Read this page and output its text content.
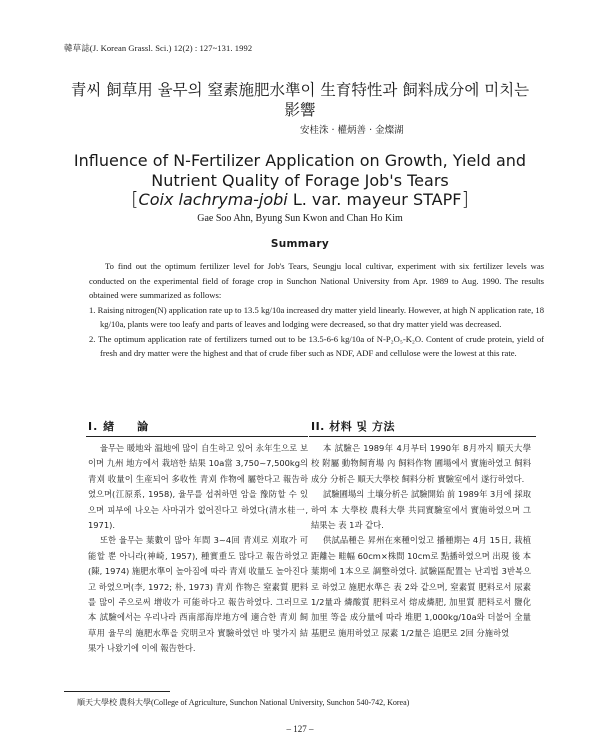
韓草誌(J. Korean Grassl. Sci.) 12(2) : 127~131. 1992
青씨 飼草用 율무의 窒素施肥水準이 生育特性과 飼料成分에 미치는
影響
安桂洙 · 權炳善 · 金燦湖
Influence of N-Fertilizer Application on Growth, Yield and
Nutrient Quality of Forage Job's Tears
[Coix lachryma-jobi L. var. mayeur STAPF]
Gae Soo Ahn, Byung Sun Kwon and Chan Ho Kim
Summary

To find out the optimum fertilizer level for Job's Tears, Seungju local cultivar, experiment with six fertilizer levels was conducted on the experimental field of forage crop in Sunchon National University from Apr. 1989 to Aug. 1990. The results obtained were summarized as follows:

1. Raising nitrogen(N) application rate up to 13.5 kg/10a increased dry matter yield linearly. However, at high N application rate, 18 kg/10a, plants were too leafy and parts of leaves and lodging were decreased, so that dry matter yield was decreased.

2. The optimum application rate of fertilizers turned out to be 13.5-6-6 kg/10a of N-P₂O₅-K₂O. Content of crude protein, yield of fresh and dry matter were the highest and that of crude fiber such as NDF, ADF and cellulose were the lowest at this rate.

I. 緖 論	II. 材料 및 方法

율무는 暖地와 温地에 많이 自生하고 있어 永年生으로 보이며 九州 地方에서 栽培한 結果 10a當 3,750~7,500kg의 青刈 收量이 生産되어 多收性 青刈 作物에 屬한다고 報告하였으며(江原系, 1958), 율무를 섭취하면 암을 豫防할 수 있으며 피부에 나오는 사마귀가 없어진다고 하였다(清水桂一, 1971).

또한 율무는 葉數이 많아 年間 3~4回 青刈로 刈取가 可能할 뿐 아니라(神崎, 1957), 種實重도 많다고 報告하였고(陳, 1974) 施肥水準이 높아짐에 따라 青刈 收量도 높아진다고 하였으며(李, 1972; 朴, 1973) 青刈 作物은 窒素質 肥料를 많이 주으로써 增收가 可能하다고 報告하였다. 그러므로 本 試驗에서는 우리나라 西南部海岸地方에 適合한 青刈 飼草用 율무의 施肥水準을 究明코자 實驗하였던 바 몇가지 結果가 나왔기에 이에 報告한다.

本 試驗은 1989年 4月부터 1990年 8月까지 順天大學校 附屬 動物飼育場 內 飼料作物 圃場에서 實施하였고 飼料成分 分析은 順天大學校 飼料分析 實驗室에서 遂行하였다.

試驗圃場의 土壤分析은 試驗開始 前 1989年 3月에 採取하여 本 大學校 農科大學 共同實驗室에서 實施하였으며 그 結果는 表 1과 같다.

供試品種은 昇州在來種이었고 播種期는 4月 15日, 栽植距離는 畦幅 60cm×株間 10cm로 點播하였으며 出現 後 本葉期에 1本으로 調整하였다. 試驗區配置는 난괴법 3반복으로 하였고 施肥水準은 表 2와 같으며, 窒素質 肥料로서 尿素 1/2量과 燐酸質 肥料로서 熔成燐肥, 加里質 肥料로서 鹽化加里 等을 成分量에 따라 堆肥 1,000kg/10a와 더불어 全量 基肥로 施用하였고 尿素 1/2量은 追肥로 2回 分施하였

順天大學校 農科大學(College of Agriculture, Sunchon National University, Sunchon 540-742, Korea)
– 127 –
